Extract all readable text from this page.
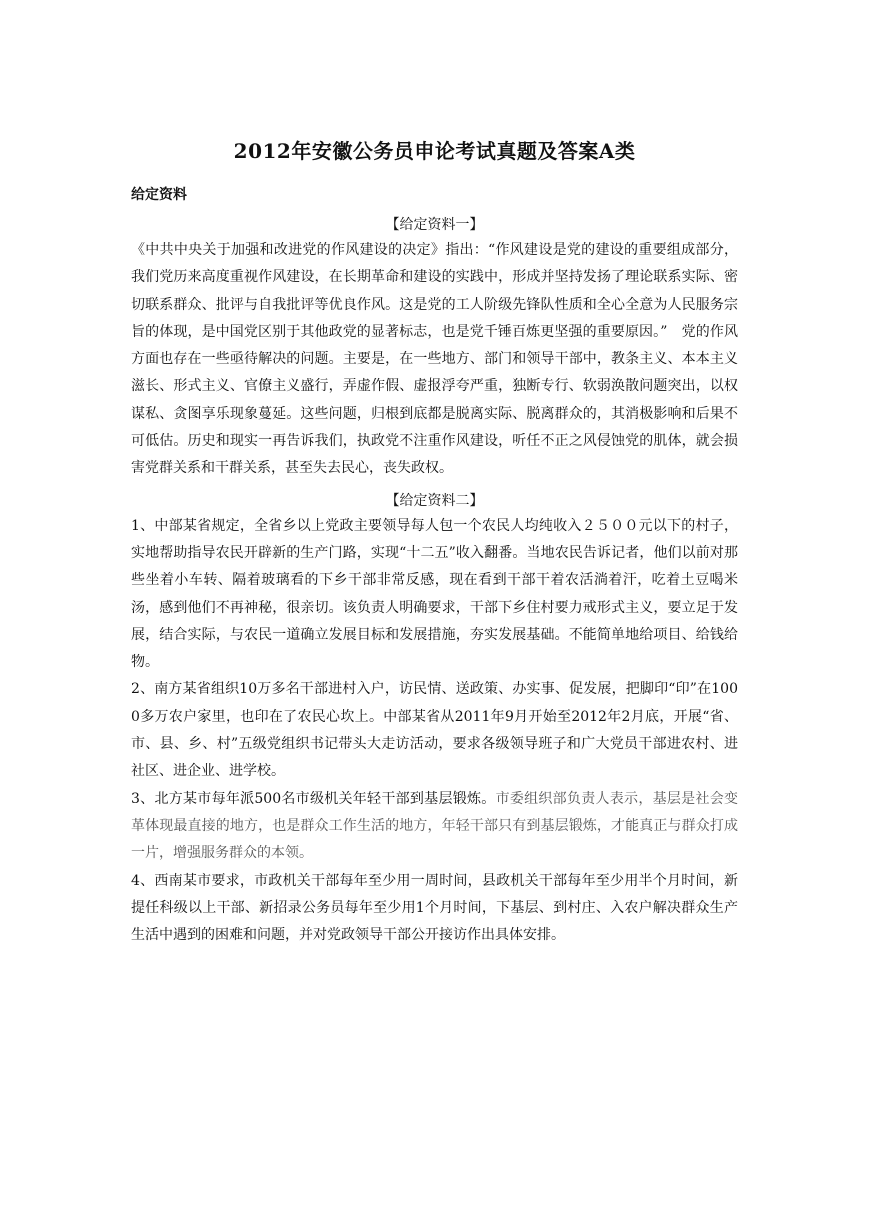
2012年安徽公务员申论考试真题及答案A类
给定资料
【给定资料一】

《中共中央关于加强和改进党的作风建设的决定》指出：“作风建设是党的建设的重要组成部分，我们党历来高度重视作风建设，在长期革命和建设的实践中，形成并坚持发扬了理论联系实际、密切联系群众、批评与自我批评等优良作风。这是党的工人阶级先锋队性质和全心全意为人民服务宗旨的体现，是中国党区别于其他政党的显著标志，也是党千锤百炼更坚强的重要原因。”　党的作风方面也存在一些亟待解决的问题。主要是，在一些地方、部门和领导干部中，教条主义、本本主义滋长、形式主义、官僚主义盛行，弄虚作假、虚报浮夸严重，独断专行、软弱涣散问题突出，以权谋私、贪图享乐现象蔓延。这些问题，归根到底都是脱离实际、脱离群众的，其消极影响和后果不可低估。历史和现实一再告诉我们，执政党不注重作风建设，听任不正之风侵蚀党的肌体，就会损害党群关系和干群关系，甚至失去民心，丧失政权。

【给定资料二】

1、中部某省规定，全省乡以上党政主要领导每人包一个农民人均纯收入２５００元以下的村子，实地帮助指导农民开辟新的生产门路，实现“十二五”收入翻番。当地农民告诉记者，他们以前对那些坐着小车转、隔着玻璃看的下乡干部非常反感，现在看到干部干着农活淌着汗，吃着土豆喝米汤，感到他们不再神秘，很亲切。该负责人明确要求，干部下乡住村要力戒形式主义，要立足于发展，结合实际，与农民一道确立发展目标和发展措施，夯实发展基础。不能简单地给项目、给钱给物。

2、南方某省组织10万多名干部进村入户，访民情、送政策、办实事、促发展，把脚印“印”在1000多万农户家里，也印在了农民心坎上。中部某省从2011年9月开始至2012年2月底，开展“省、市、县、乡、村”五级党组织书记带头大走访活动，要求各级领导班子和广大党员干部进农村、进社区、进企业、进学校。

3、北方某市每年派500名市级机关年轻干部到基层锻炼。市委组织部负责人表示，基层是社会变革体现最直接的地方，也是群众工作生活的地方，年轻干部只有到基层锻炼，才能真正与群众打成一片，增强服务群众的本领。

4、西南某市要求，市政机关干部每年至少用一周时间，县政机关干部每年至少用半个月时间，新提任科级以上干部、新招录公务员每年至少用1个月时间，下基层、到村庄、入农户解决群众生产生活中遇到的困难和问题，并对党政领导干部公开接访作出具体安排。
